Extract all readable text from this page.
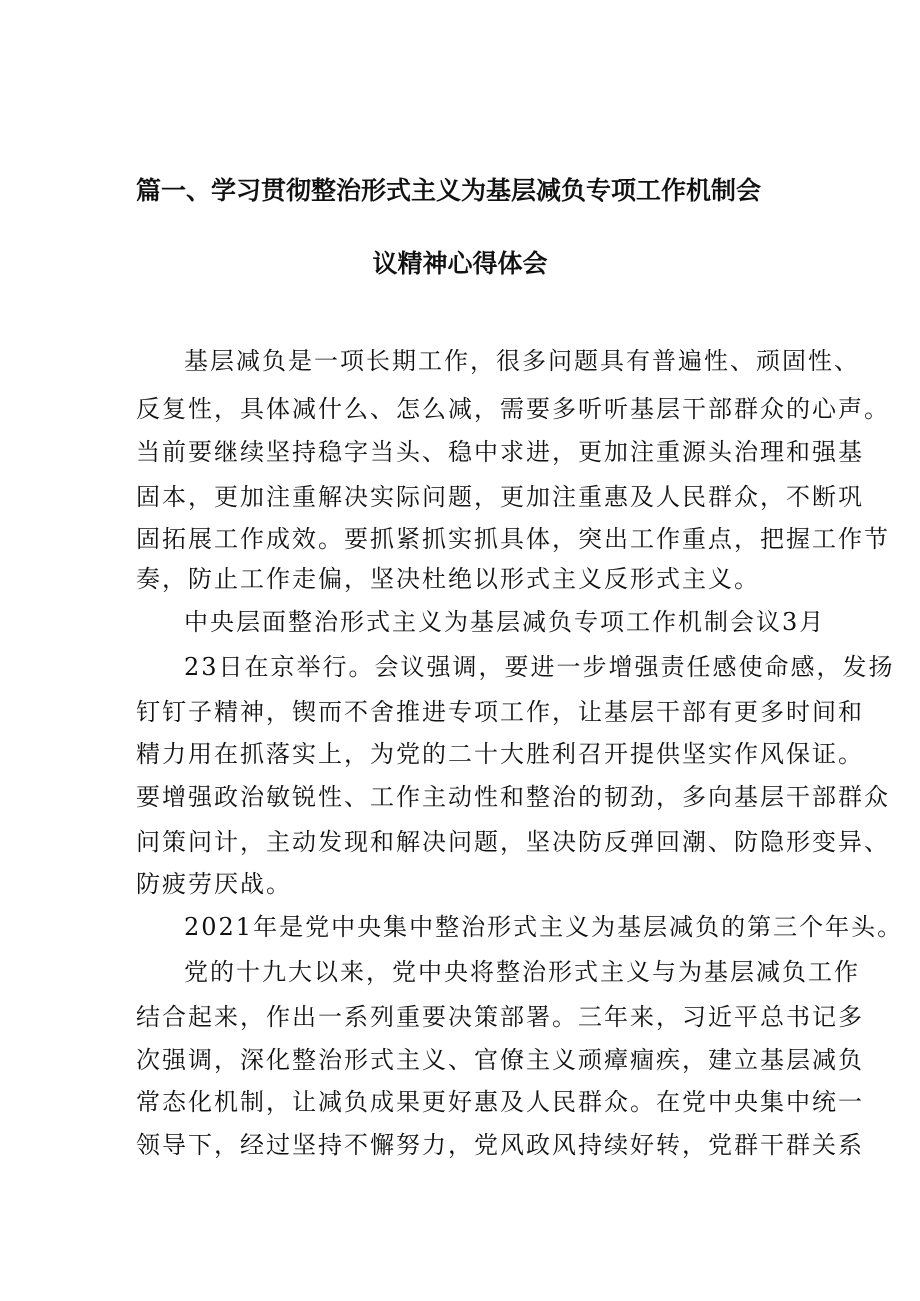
篇一、学习贯彻整治形式主义为基层减负专项工作机制会
议精神心得体会
基层减负是一项长期工作，很多问题具有普遍性、顽固性、
反复性，具体减什么、怎么减，需要多听听基层干部群众的心声。
当前要继续坚持稳字当头、稳中求进，更加注重源头治理和强基
固本，更加注重解决实际问题，更加注重惠及人民群众，不断巩
固拓展工作成效。要抓紧抓实抓具体，突出工作重点，把握工作节
奏，防止工作走偏，坚决杜绝以形式主义反形式主义。
中央层面整治形式主义为基层减负专项工作机制会议3月
23日在京举行。会议强调，要进一步增强责任感使命感，发扬
钉钉子精神，锲而不舍推进专项工作，让基层干部有更多时间和
精力用在抓落实上，为党的二十大胜利召开提供坚实作风保证。
要增强政治敏锐性、工作主动性和整治的韧劲，多向基层干部群众
问策问计，主动发现和解决问题，坚决防反弹回潮、防隐形变异、
防疲劳厌战。
2021年是党中央集中整治形式主义为基层减负的第三个年头。
党的十九大以来，党中央将整治形式主义与为基层减负工作
结合起来，作出一系列重要决策部署。三年来，习近平总书记多
次强调，深化整治形式主义、官僚主义顽瘴痼疾，建立基层减负
常态化机制，让减负成果更好惠及人民群众。在党中央集中统一
领导下，经过坚持不懈努力，党风政风持续好转，党群干群关系
